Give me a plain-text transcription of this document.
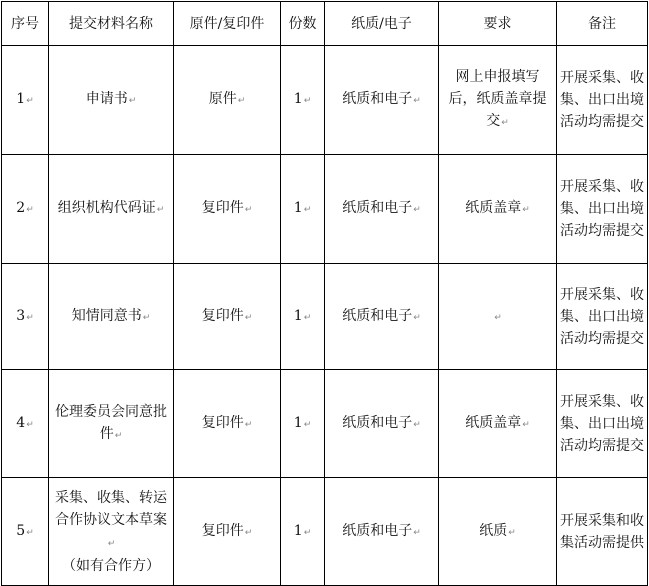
序号	提交材料名称	原件/复印件	份数	纸质/电子	要求	备注
1↵	申请书↵	原件↵	1↵	纸质和电子↵	网上申报填写后，纸质盖章提交↵	开展采集、收集、出口出境活动均需提交
2↵	组织机构代码证↵	复印件↵	1↵	纸质和电子↵	纸质盖章↵	开展采集、收集、出口出境活动均需提交
3↵	知情同意书↵	复印件↵	1↵	纸质和电子↵	↵	开展采集、收集、出口出境活动均需提交
4↵	伦理委员会同意批件↵	复印件↵	1↵	纸质和电子↵	纸质盖章↵	开展采集、收集、出口出境活动均需提交
5↵	采集、收集、转运合作协议文本草案↵
（如有合作方）	复印件↵	1↵	纸质和电子↵	纸质↵	开展采集和收集活动需提供
